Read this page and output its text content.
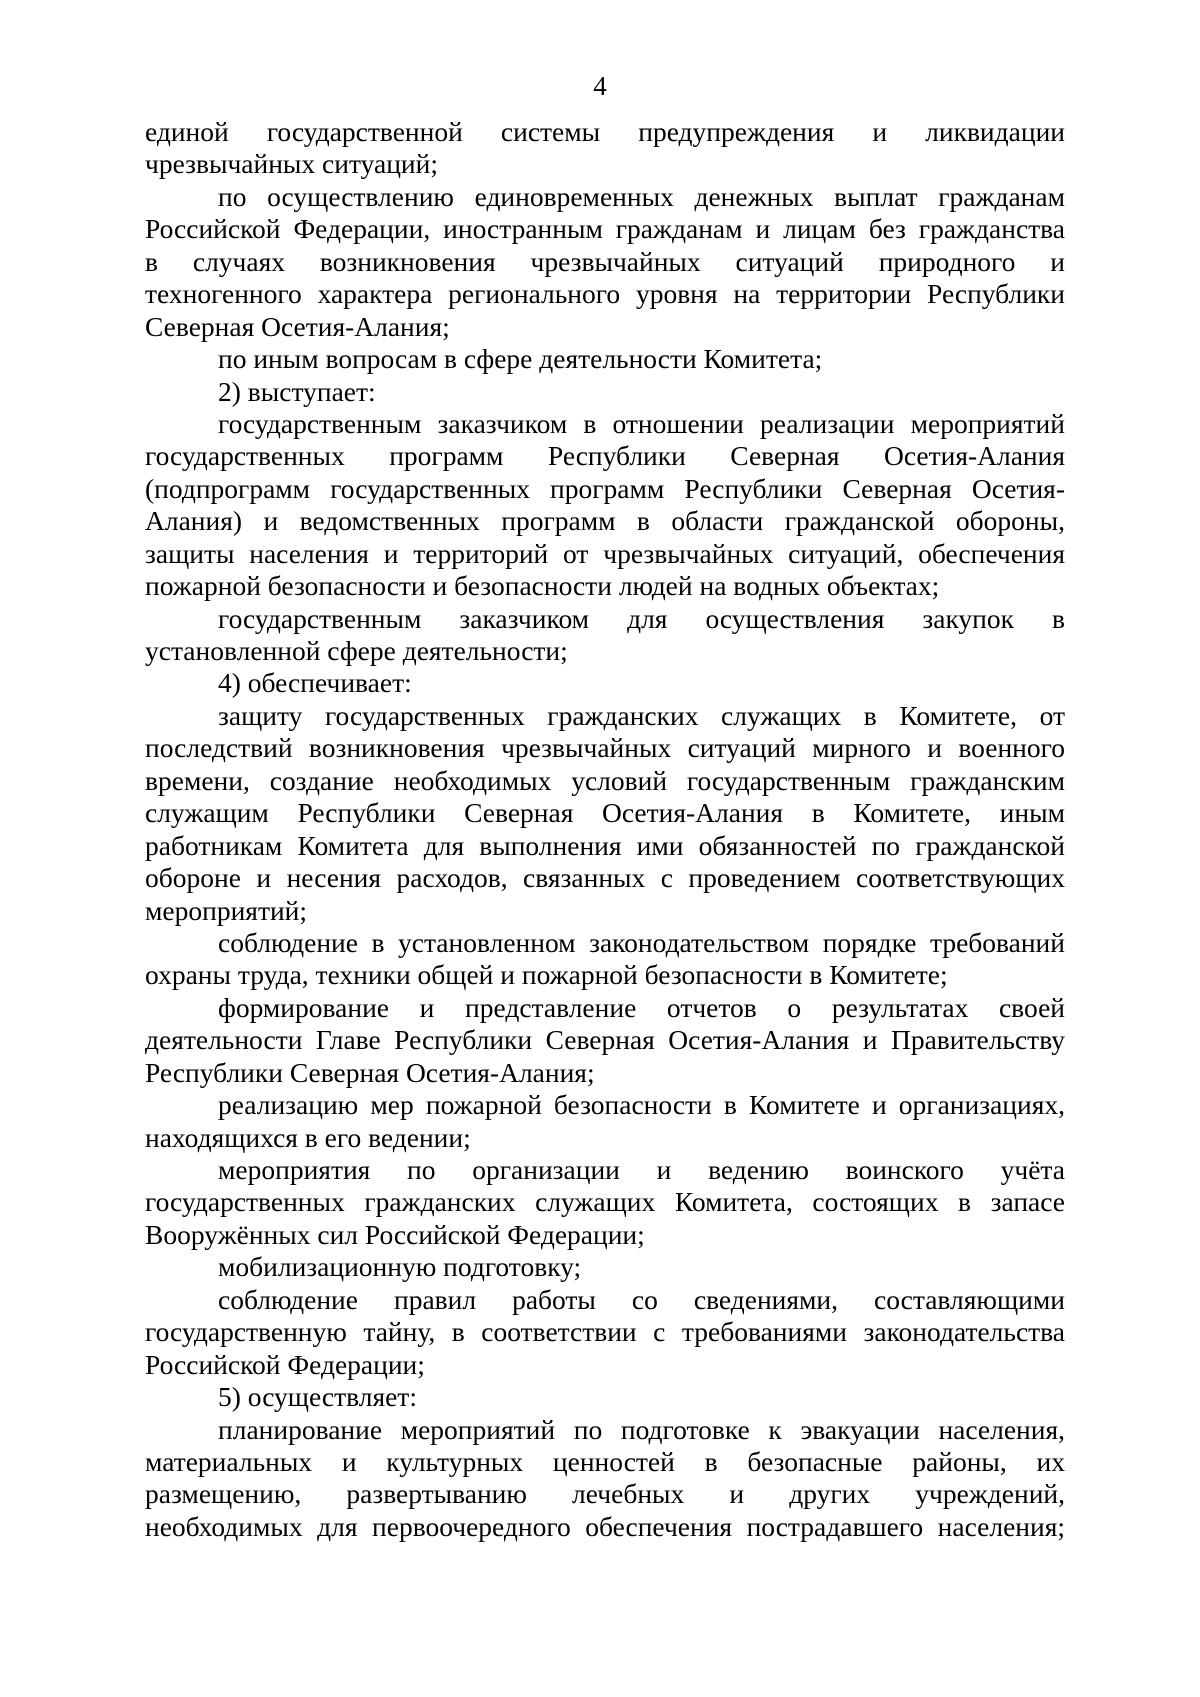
4
единой государственной системы предупреждения и ликвидации
чрезвычайных ситуаций;
по осуществлению единовременных денежных выплат гражданам
Российской Федерации, иностранным гражданам и лицам без гражданства
в случаях возникновения чрезвычайных ситуаций природного и
техногенного характера регионального уровня на территории Республики
Северная Осетия-Алания;
по иным вопросам в сфере деятельности Комитета;
2) выступает:
государственным заказчиком в отношении реализации мероприятий
государственных программ Республики Северная Осетия-Алания
(подпрограмм государственных программ Республики Северная Осетия-
Алания) и ведомственных программ в области гражданской обороны,
защиты населения и территорий от чрезвычайных ситуаций, обеспечения
пожарной безопасности и безопасности людей на водных объектах;
государственным заказчиком для осуществления закупок в
установленной сфере деятельности;
4) обеспечивает:
защиту государственных гражданских служащих в Комитете, от
последствий возникновения чрезвычайных ситуаций мирного и военного
времени, создание необходимых условий государственным гражданским
служащим Республики Северная Осетия-Алания в Комитете, иным
работникам Комитета для выполнения ими обязанностей по гражданской
обороне и несения расходов, связанных с проведением соответствующих
мероприятий;
соблюдение в установленном законодательством порядке требований
охраны труда, техники общей и пожарной безопасности в Комитете;
формирование и представление отчетов о результатах своей
деятельности Главе Республики Северная Осетия-Алания и Правительству
Республики Северная Осетия-Алания;
реализацию мер пожарной безопасности в Комитете и организациях,
находящихся в его ведении;
мероприятия по организации и ведению воинского учёта
государственных гражданских служащих Комитета, состоящих в запасе
Вооружённых сил Российской Федерации;
мобилизационную подготовку;
соблюдение правил работы со сведениями, составляющими
государственную тайну, в соответствии с требованиями законодательства
Российской Федерации;
5) осуществляет:
планирование мероприятий по подготовке к эвакуации населения,
материальных и культурных ценностей в безопасные районы, их
размещению, развертыванию лечебных и других учреждений,
необходимых для первоочередного обеспечения пострадавшего населения;
